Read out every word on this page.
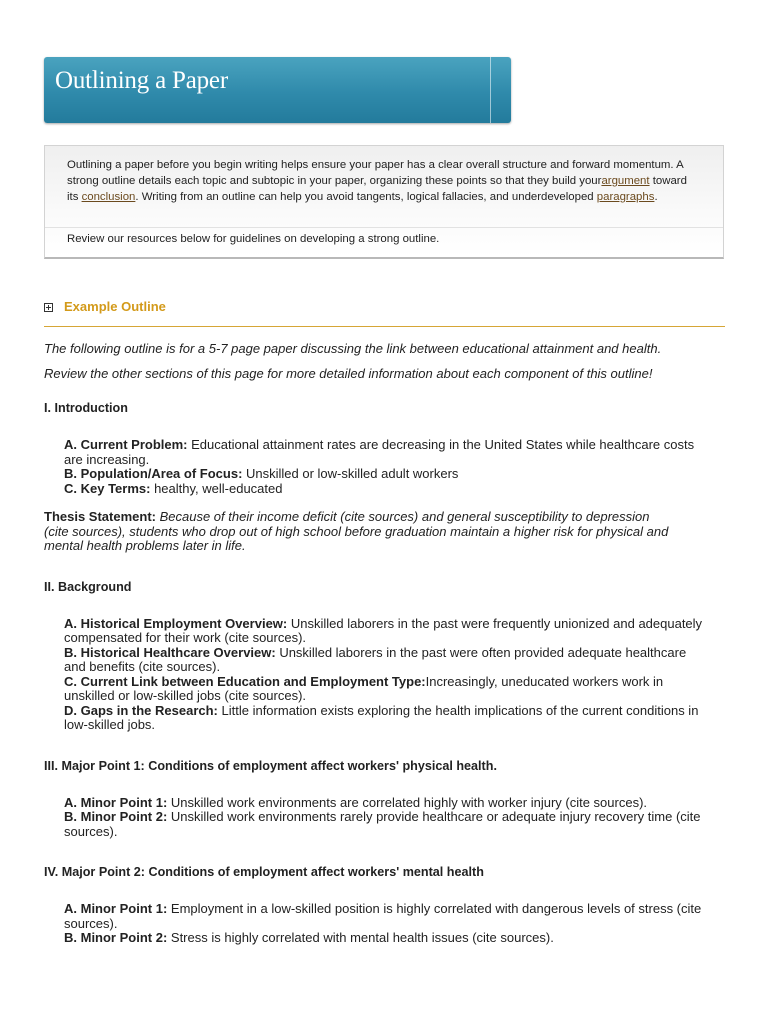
Outlining a Paper

Outlining a paper before you begin writing helps ensure your paper has a clear overall structure and forward momentum. A strong outline details each topic and subtopic in your paper, organizing these points so that they build yourargument toward its conclusion. Writing from an outline can help you avoid tangents, logical fallacies, and underdeveloped paragraphs.

Review our resources below for guidelines on developing a strong outline.

Example Outline

The following outline is for a 5-7 page paper discussing the link between educational attainment and health.

Review the other sections of this page for more detailed information about each component of this outline!

I. Introduction

A. Current Problem: Educational attainment rates are decreasing in the United States while healthcare costs are increasing.
B. Population/Area of Focus: Unskilled or low-skilled adult workers
C. Key Terms: healthy, well-educated

Thesis Statement: Because of their income deficit (cite sources) and general susceptibility to depression (cite sources), students who drop out of high school before graduation maintain a higher risk for physical and mental health problems later in life.

II. Background

A. Historical Employment Overview: Unskilled laborers in the past were frequently unionized and adequately compensated for their work (cite sources).
B. Historical Healthcare Overview: Unskilled laborers in the past were often provided adequate healthcare and benefits (cite sources).
C. Current Link between Education and Employment Type:Increasingly, uneducated workers work in unskilled or low-skilled jobs (cite sources).
D. Gaps in the Research: Little information exists exploring the health implications of the current conditions in low-skilled jobs.

III. Major Point 1: Conditions of employment affect workers' physical health.

A. Minor Point 1: Unskilled work environments are correlated highly with worker injury (cite sources).
B. Minor Point 2: Unskilled work environments rarely provide healthcare or adequate injury recovery time (cite sources).

IV. Major Point 2: Conditions of employment affect workers' mental health

A. Minor Point 1: Employment in a low-skilled position is highly correlated with dangerous levels of stress (cite sources).
B. Minor Point 2: Stress is highly correlated with mental health issues (cite sources).
